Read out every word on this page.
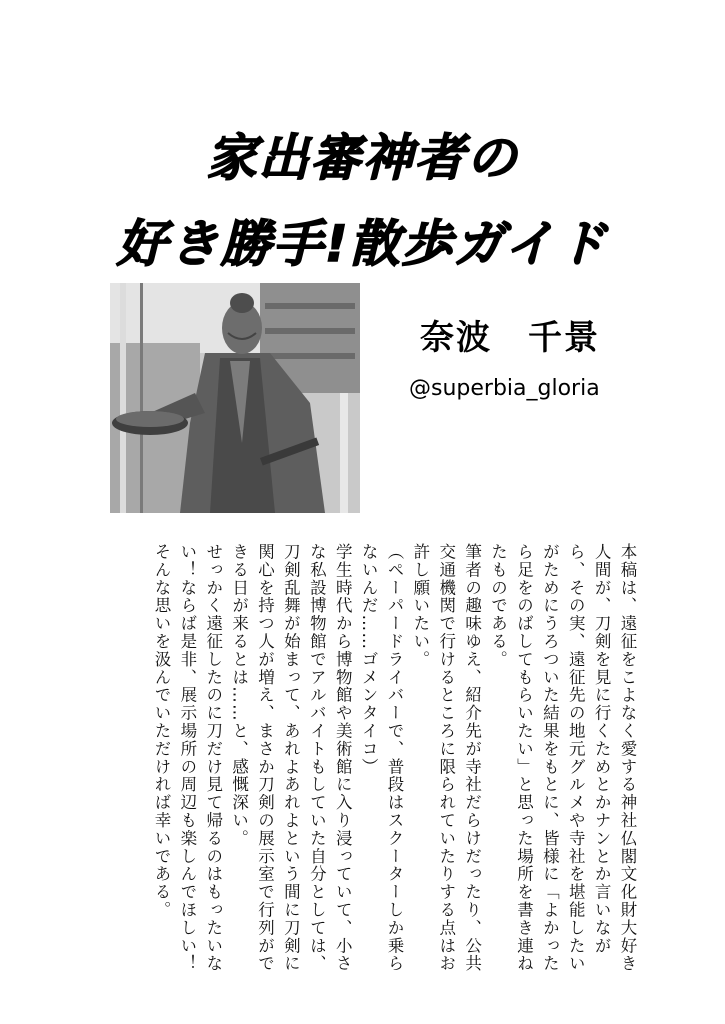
家出審神者の
好き勝手!散歩ガイド
奈波　千景
@superbia_gloria

本稿は、遠征をこよなく愛する神社仏閣文化財大好き人間が、刀剣を見に行くためとかナンとか言いながら、その実、遠征先の地元グルメや寺社を堪能したいがためにうろついた結果をもとに、皆様に「よかったら足をのばしてもらいたい」と思った場所を書き連ねたものである。

筆者の趣味ゆえ、紹介先が寺社だらけだったり、公共交通機関で行けるところに限られていたりする点はお許し願いたい。

（ペーパードライバーで、普段はスクーターしか乗らないんだ……ゴメンタイコ）

学生時代から博物館や美術館に入り浸っていて、小さな私設博物館でアルバイトもしていた自分としては、刀剣乱舞が始まって、あれよあれよという間に刀剣に関心を持つ人が増え、まさか刀剣の展示室で行列ができる日が来るとは……と、感慨深い。

せっかく遠征したのに刀だけ見て帰るのはもったいない！ならば是非、展示場所の周辺も楽しんでほしい！そんな思いを汲んでいただければ幸いである。
